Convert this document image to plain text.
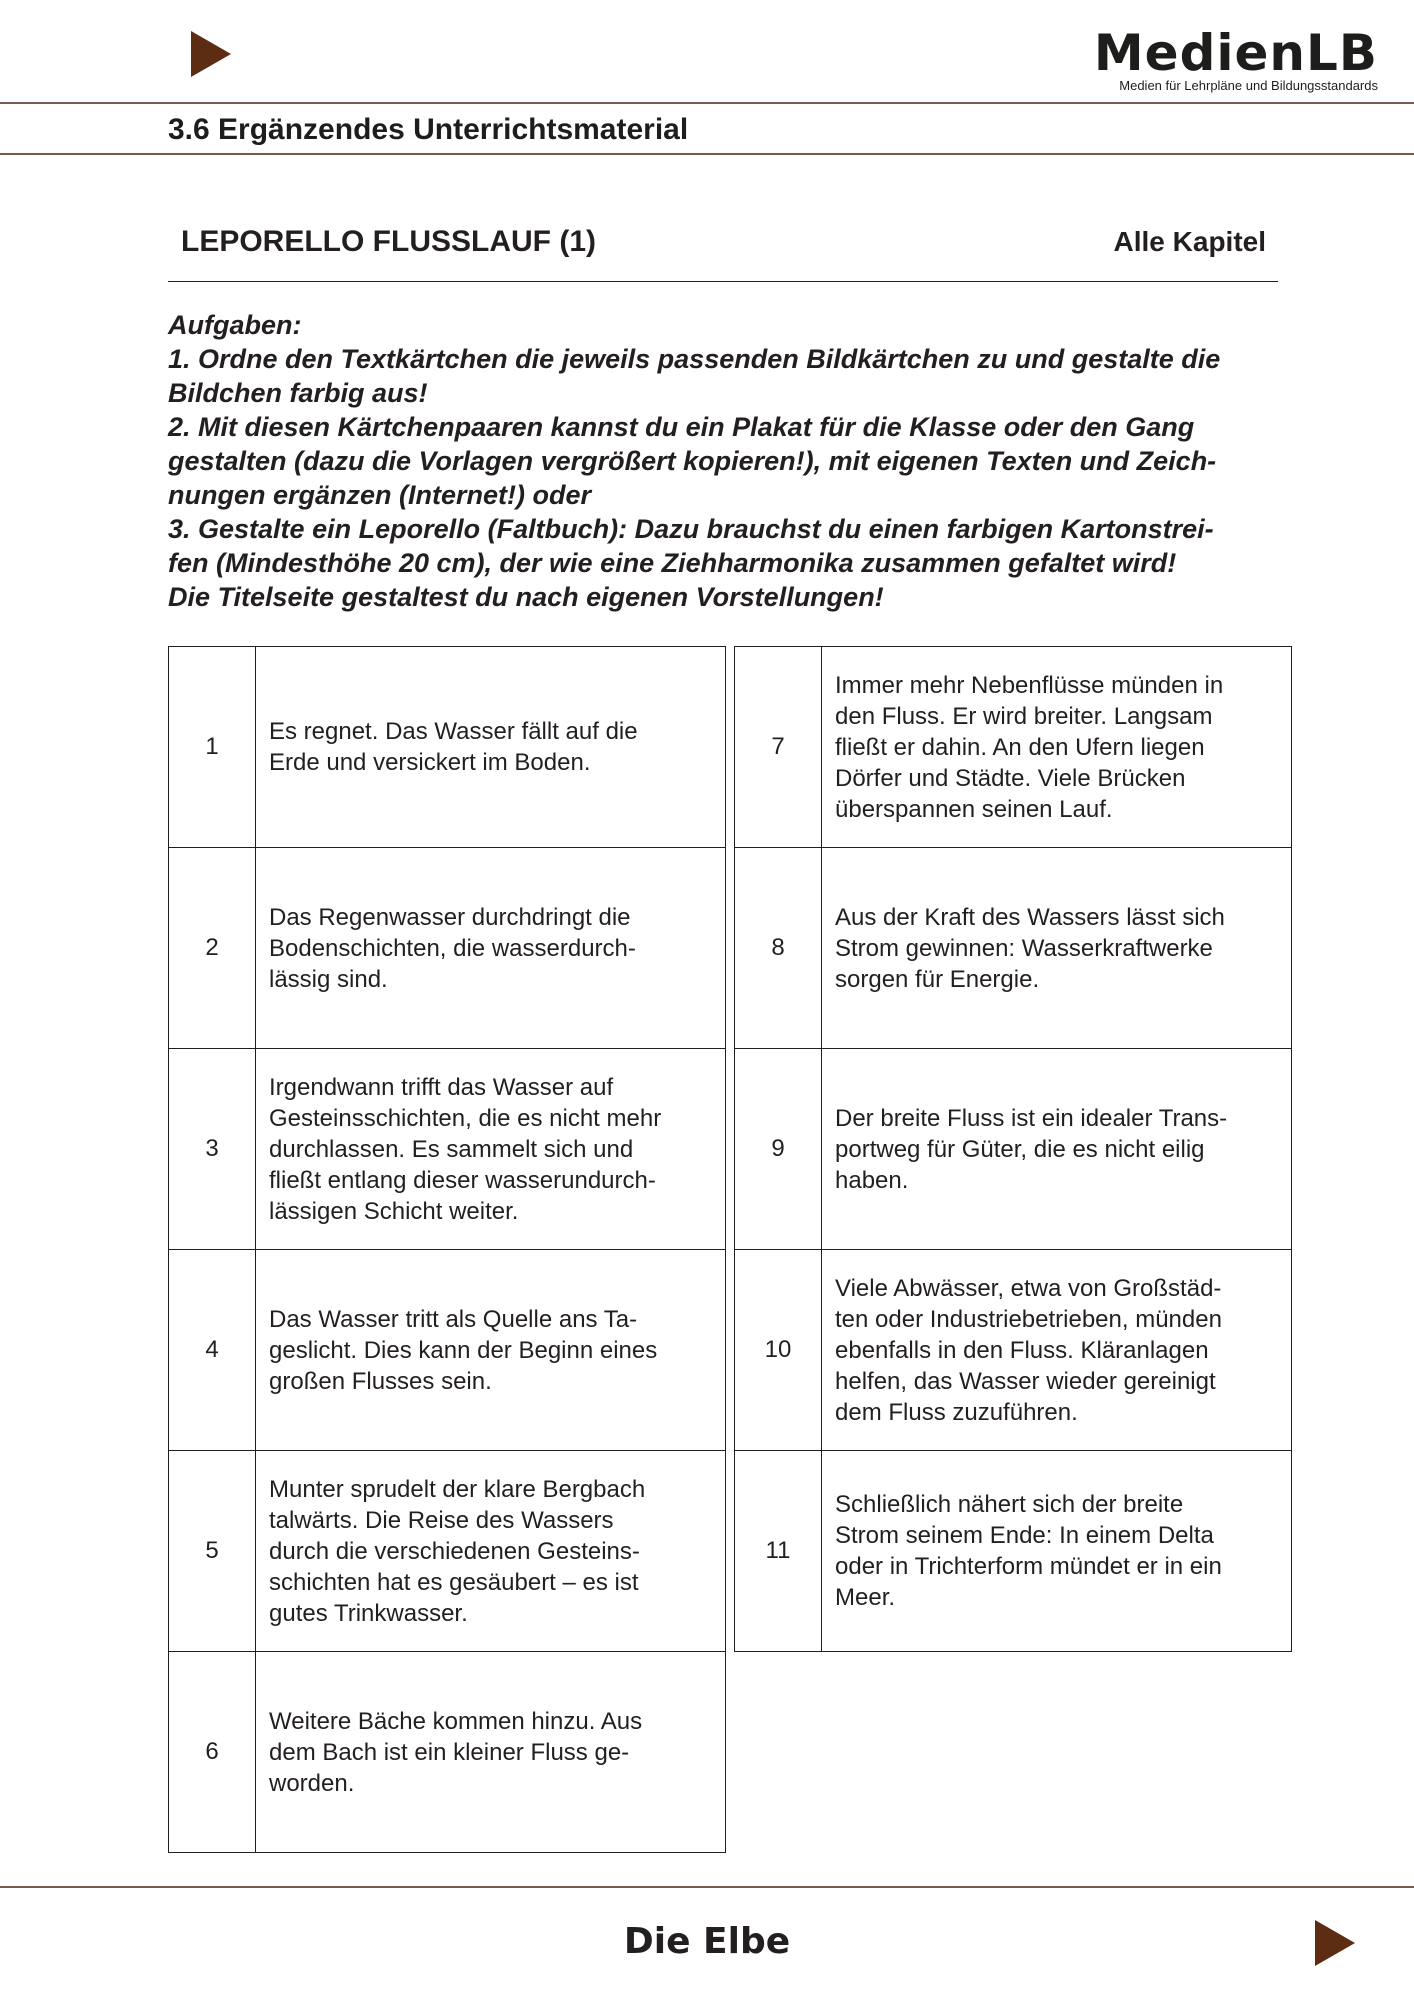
MedienLB
Medien für Lehrpläne und Bildungsstandards
3.6 Ergänzendes Unterrichtsmaterial
LEPORELLO FLUSSLAUF (1)	Alle Kapitel
Aufgaben:
1. Ordne den Textkärtchen die jeweils passenden Bildkärtchen zu und gestalte die
Bildchen farbig aus!
2. Mit diesen Kärtchenpaaren kannst du ein Plakat für die Klasse oder den Gang
gestalten (dazu die Vorlagen vergrößert kopieren!), mit eigenen Texten und Zeich-
nungen ergänzen (Internet!) oder
3. Gestalte ein Leporello (Faltbuch): Dazu brauchst du einen farbigen Kartonstrei-
fen (Mindesthöhe 20 cm), der wie eine Ziehharmonika zusammen gefaltet wird!
Die Titelseite gestaltest du nach eigenen Vorstellungen!
1	Es regnet. Das Wasser fällt auf die
Erde und versickert im Boden.

2	Das Regenwasser durchdringt die
Bodenschichten, die wasserdurch-
lässig sind.

3	Irgendwann trifft das Wasser auf
Gesteinsschichten, die es nicht mehr
durchlassen. Es sammelt sich und
fließt entlang dieser wasserundurch-
lässigen Schicht weiter.

4	Das Wasser tritt als Quelle ans Ta-
geslicht. Dies kann der Beginn eines
großen Flusses sein.

5	Munter sprudelt der klare Bergbach
talwärts. Die Reise des Wassers
durch die verschiedenen Gesteins-
schichten hat es gesäubert – es ist
gutes Trinkwasser.

6	Weitere Bäche kommen hinzu. Aus
dem Bach ist ein kleiner Fluss ge-
worden.
7	Immer mehr Nebenflüsse münden in
den Fluss. Er wird breiter. Langsam
fließt er dahin. An den Ufern liegen
Dörfer und Städte. Viele Brücken
überspannen seinen Lauf.

8	Aus der Kraft des Wassers lässt sich
Strom gewinnen: Wasserkraftwerke
sorgen für Energie.

9	Der breite Fluss ist ein idealer Trans-
portweg für Güter, die es nicht eilig
haben.

10	Viele Abwässer, etwa von Großstäd-
ten oder Industriebetrieben, münden
ebenfalls in den Fluss. Kläranlagen
helfen, das Wasser wieder gereinigt
dem Fluss zuzuführen.

11	Schließlich nähert sich der breite
Strom seinem Ende: In einem Delta
oder in Trichterform mündet er in ein
Meer.
Die Elbe
